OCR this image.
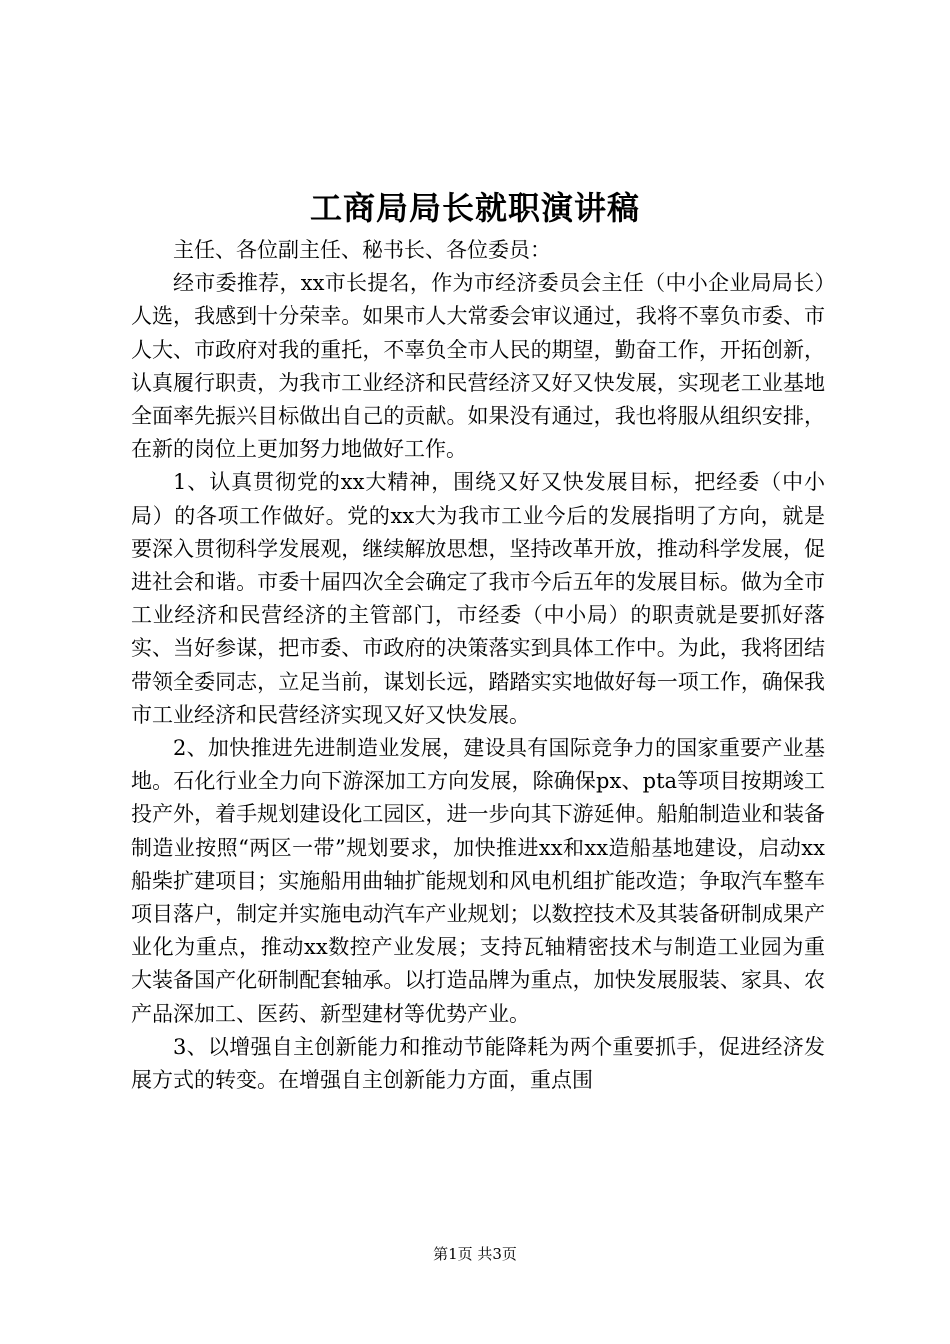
工商局局长就职演讲稿

主任、各位副主任、秘书长、各位委员：

经市委推荐，xx市长提名，作为市经济委员会主任（中小企业局局长）人选，我感到十分荣幸。如果市人大常委会审议通过，我将不辜负市委、市人大、市政府对我的重托，不辜负全市人民的期望，勤奋工作，开拓创新，认真履行职责，为我市工业经济和民营经济又好又快发展，实现老工业基地全面率先振兴目标做出自己的贡献。如果没有通过，我也将服从组织安排，在新的岗位上更加努力地做好工作。

1、认真贯彻党的xx大精神，围绕又好又快发展目标，把经委（中小局）的各项工作做好。党的xx大为我市工业今后的发展指明了方向，就是要深入贯彻科学发展观，继续解放思想，坚持改革开放，推动科学发展，促进社会和谐。市委十届四次全会确定了我市今后五年的发展目标。做为全市工业经济和民营经济的主管部门，市经委（中小局）的职责就是要抓好落实、当好参谋，把市委、市政府的决策落实到具体工作中。为此，我将团结带领全委同志，立足当前，谋划长远，踏踏实实地做好每一项工作，确保我市工业经济和民营经济实现又好又快发展。

2、加快推进先进制造业发展，建设具有国际竞争力的国家重要产业基地。石化行业全力向下游深加工方向发展，除确保px、pta等项目按期竣工投产外，着手规划建设化工园区，进一步向其下游延伸。船舶制造业和装备制造业按照“两区一带”规划要求，加快推进xx和xx造船基地建设，启动xx船柴扩建项目；实施船用曲轴扩能规划和风电机组扩能改造；争取汽车整车项目落户，制定并实施电动汽车产业规划；以数控技术及其装备研制成果产业化为重点，推动xx数控产业发展；支持瓦轴精密技术与制造工业园为重大装备国产化研制配套轴承。以打造品牌为重点，加快发展服装、家具、农产品深加工、医药、新型建材等优势产业。

3、以增强自主创新能力和推动节能降耗为两个重要抓手，促进经济发展方式的转变。在增强自主创新能力方面，重点围

第1页 共3页
